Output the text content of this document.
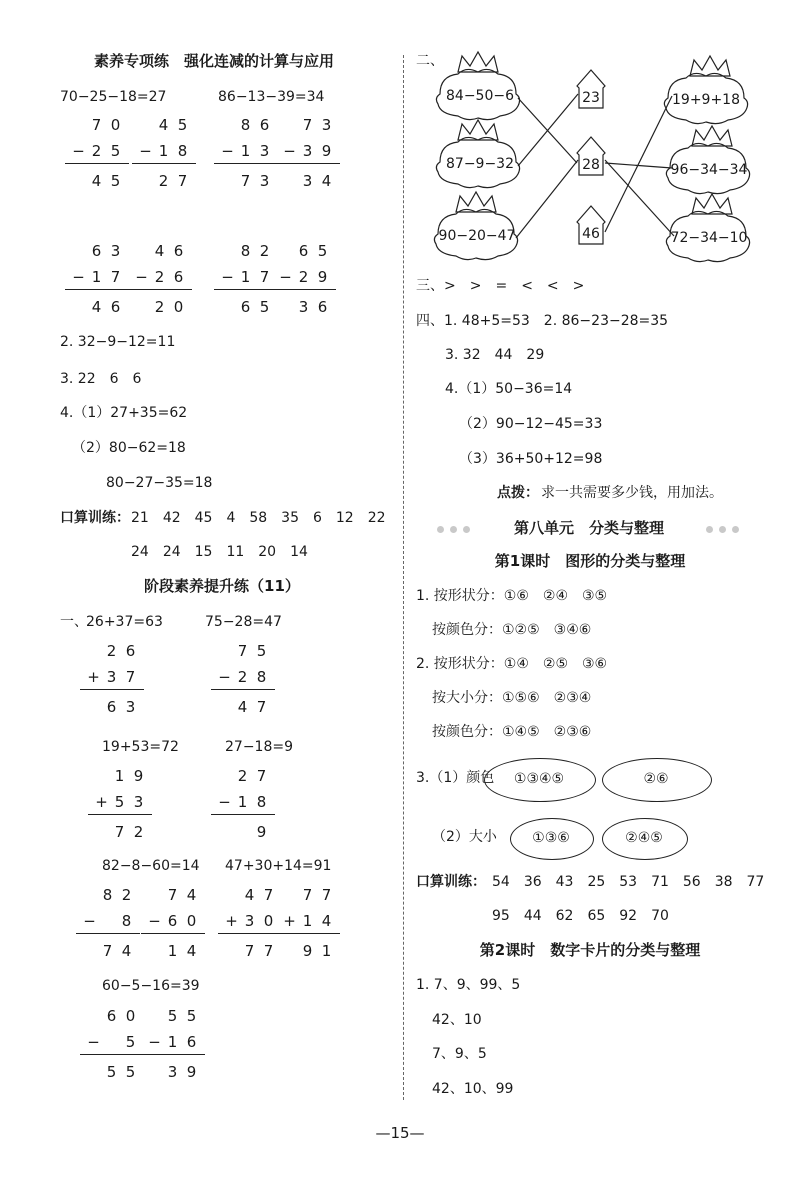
素养专项练　强化连减的计算与应用
70−25−18=27	86−13−39=34
2. 32−9−12=11
3. 22　6　6
4.（1）27+35=62
（2）80−62=18
80−27−35=18
口算训练： 21　42　45　4　58　35　6　12　22
24　24　15　11　20　14
阶段素养提升练（11）
一、
26+37=63	75−28=47
19+53=72	27−18=9
82−8−60=14 47+30+14=91
60−5−16=39
7 0
− 2 5
4 5
4 5
− 1 8
2 7
8 6
− 1 3
7 3
7 3
− 3 9
3 4
6 3
− 1 7
4 6
4 6
− 2 6
2 0
8 2
− 1 7
6 5
6 5
− 2 9
3 6
2 6
+ 3 7
6 3
7 5
− 2 8
4 7
1 9
+ 5 3
7 2
2 7
− 1 8
9
8 2
−	8
7 4
7 4
− 6 0
1 4
4 7
+ 3 0
7 7
7 7
+ 1 4
9 1
6 0
−	5
5 5
5 5
− 1 6
3 9
二、
84−50−6
87−9−32
90−20−47
23
28
46
19+9+18
96−34−34
72−34−10
三、>　>　=　<　<　>
四、1. 48+5=53　2. 86−23−28=35
3. 32　44　29
4.（1）50−36=14
（2）90−12−45=33
（3）36+50+12=98
点拨： 求一共需要多少钱，用加法。
第八单元　分类与整理
第1课时　图形的分类与整理
1. 按形状分：①⑥　②④　③⑤
按颜色分：①②⑤　③④⑥
2. 按形状分：①④　②⑤　③⑥
按大小分：①⑤⑥　②③④
按颜色分：①④⑤　②③⑥
3.（1）颜色	①③④⑤	②⑥
（2）大小	①③⑥	②④⑤
口算训练： 54　36　43　25　53　71　56　38　77
95　44　62　65　92　70
第2课时　数字卡片的分类与整理
1. 7、9、99、5
42、10
7、9、5
42、10、99
—15—
